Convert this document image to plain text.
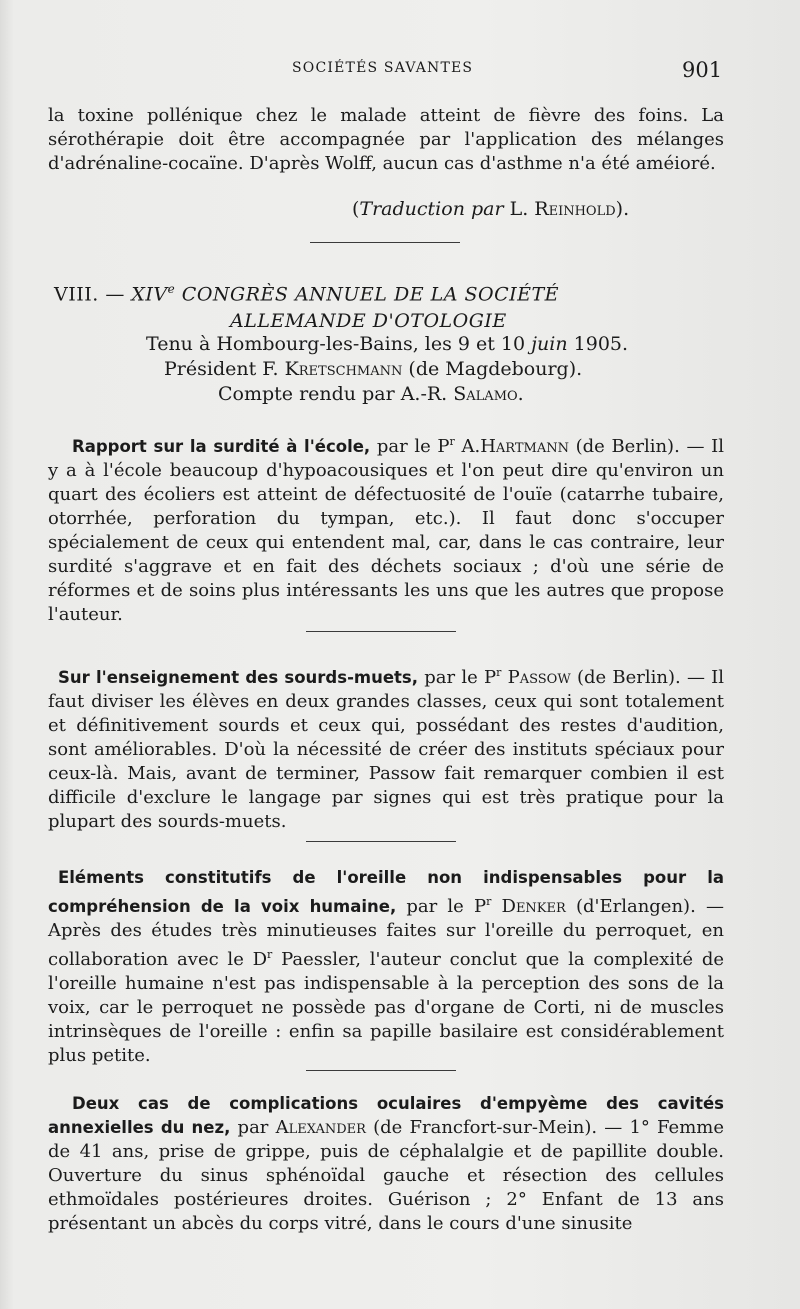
SOCIÉTÉS SAVANTES	901

la toxine pollénique chez le malade atteint de fièvre des foins. La sérothérapie doit être accompagnée par l'application des mélanges d'adrénaline-cocaïne. D'après Wolff, aucun cas d'asthme n'a été améioré.

(Traduction par L. Reinhold).
VIII. — XIVe CONGRÈS ANNUEL DE LA SOCIÉTÉ
ALLEMANDE D'OTOLOGIE
Tenu à Hombourg-les-Bains, les 9 et 10 juin 1905.
Président F. Kretschmann (de Magdebourg).
Compte rendu par A.-R. Salamo.

Rapport sur la surdité à l'école, par le $P^r$ A.Hartmann (de Berlin). — Il y a à l'école beaucoup d'hypoacousiques et l'on peut dire qu'environ un quart des écoliers est atteint de défectuosité de l'ouïe (catarrhe tubaire, otorrhée, perforation du tympan, etc.). Il faut donc s'occuper spécialement de ceux qui entendent mal, car, dans le cas contraire, leur surdité s'aggrave et en fait des déchets sociaux ; d'où une série de réformes et de soins plus intéressants les uns que les autres que propose l'auteur.

Sur l'enseignement des sourds-muets, par le $P^r$ Passow (de Berlin). — Il faut diviser les élèves en deux grandes classes, ceux qui sont totalement et définitivement sourds et ceux qui, possédant des restes d'audition, sont améliorables. D'où la nécessité de créer des instituts spéciaux pour ceux-là. Mais, avant de terminer, Passow fait remarquer combien il est difficile d'exclure le langage par signes qui est très pratique pour la plupart des sourds-muets.

Eléments constitutifs de l'oreille non indispensables pour la compréhension de la voix humaine, par le $P^r$ Denker (d'Erlangen). — Après des études très minutieuses faites sur l'oreille du perroquet, en collaboration avec le $D^r$ Paessler, l'auteur conclut que la complexité de l'oreille humaine n'est pas indispensable à la perception des sons de la voix, car le perroquet ne possède pas d'organe de Corti, ni de muscles intrinsèques de l'oreille : enfin sa papille basilaire est considérablement plus petite.

Deux cas de complications oculaires d'empyème des cavités annexielles du nez, par Alexander (de Francfort-sur-Mein). — 1° Femme de 41 ans, prise de grippe, puis de céphalalgie et de papillite double. Ouverture du sinus sphénoïdal gauche et résection des cellules ethmoïdales postérieures droites. Guérison ; 2° Enfant de 13 ans présentant un abcès du corps vitré, dans le cours d'une sinusite
